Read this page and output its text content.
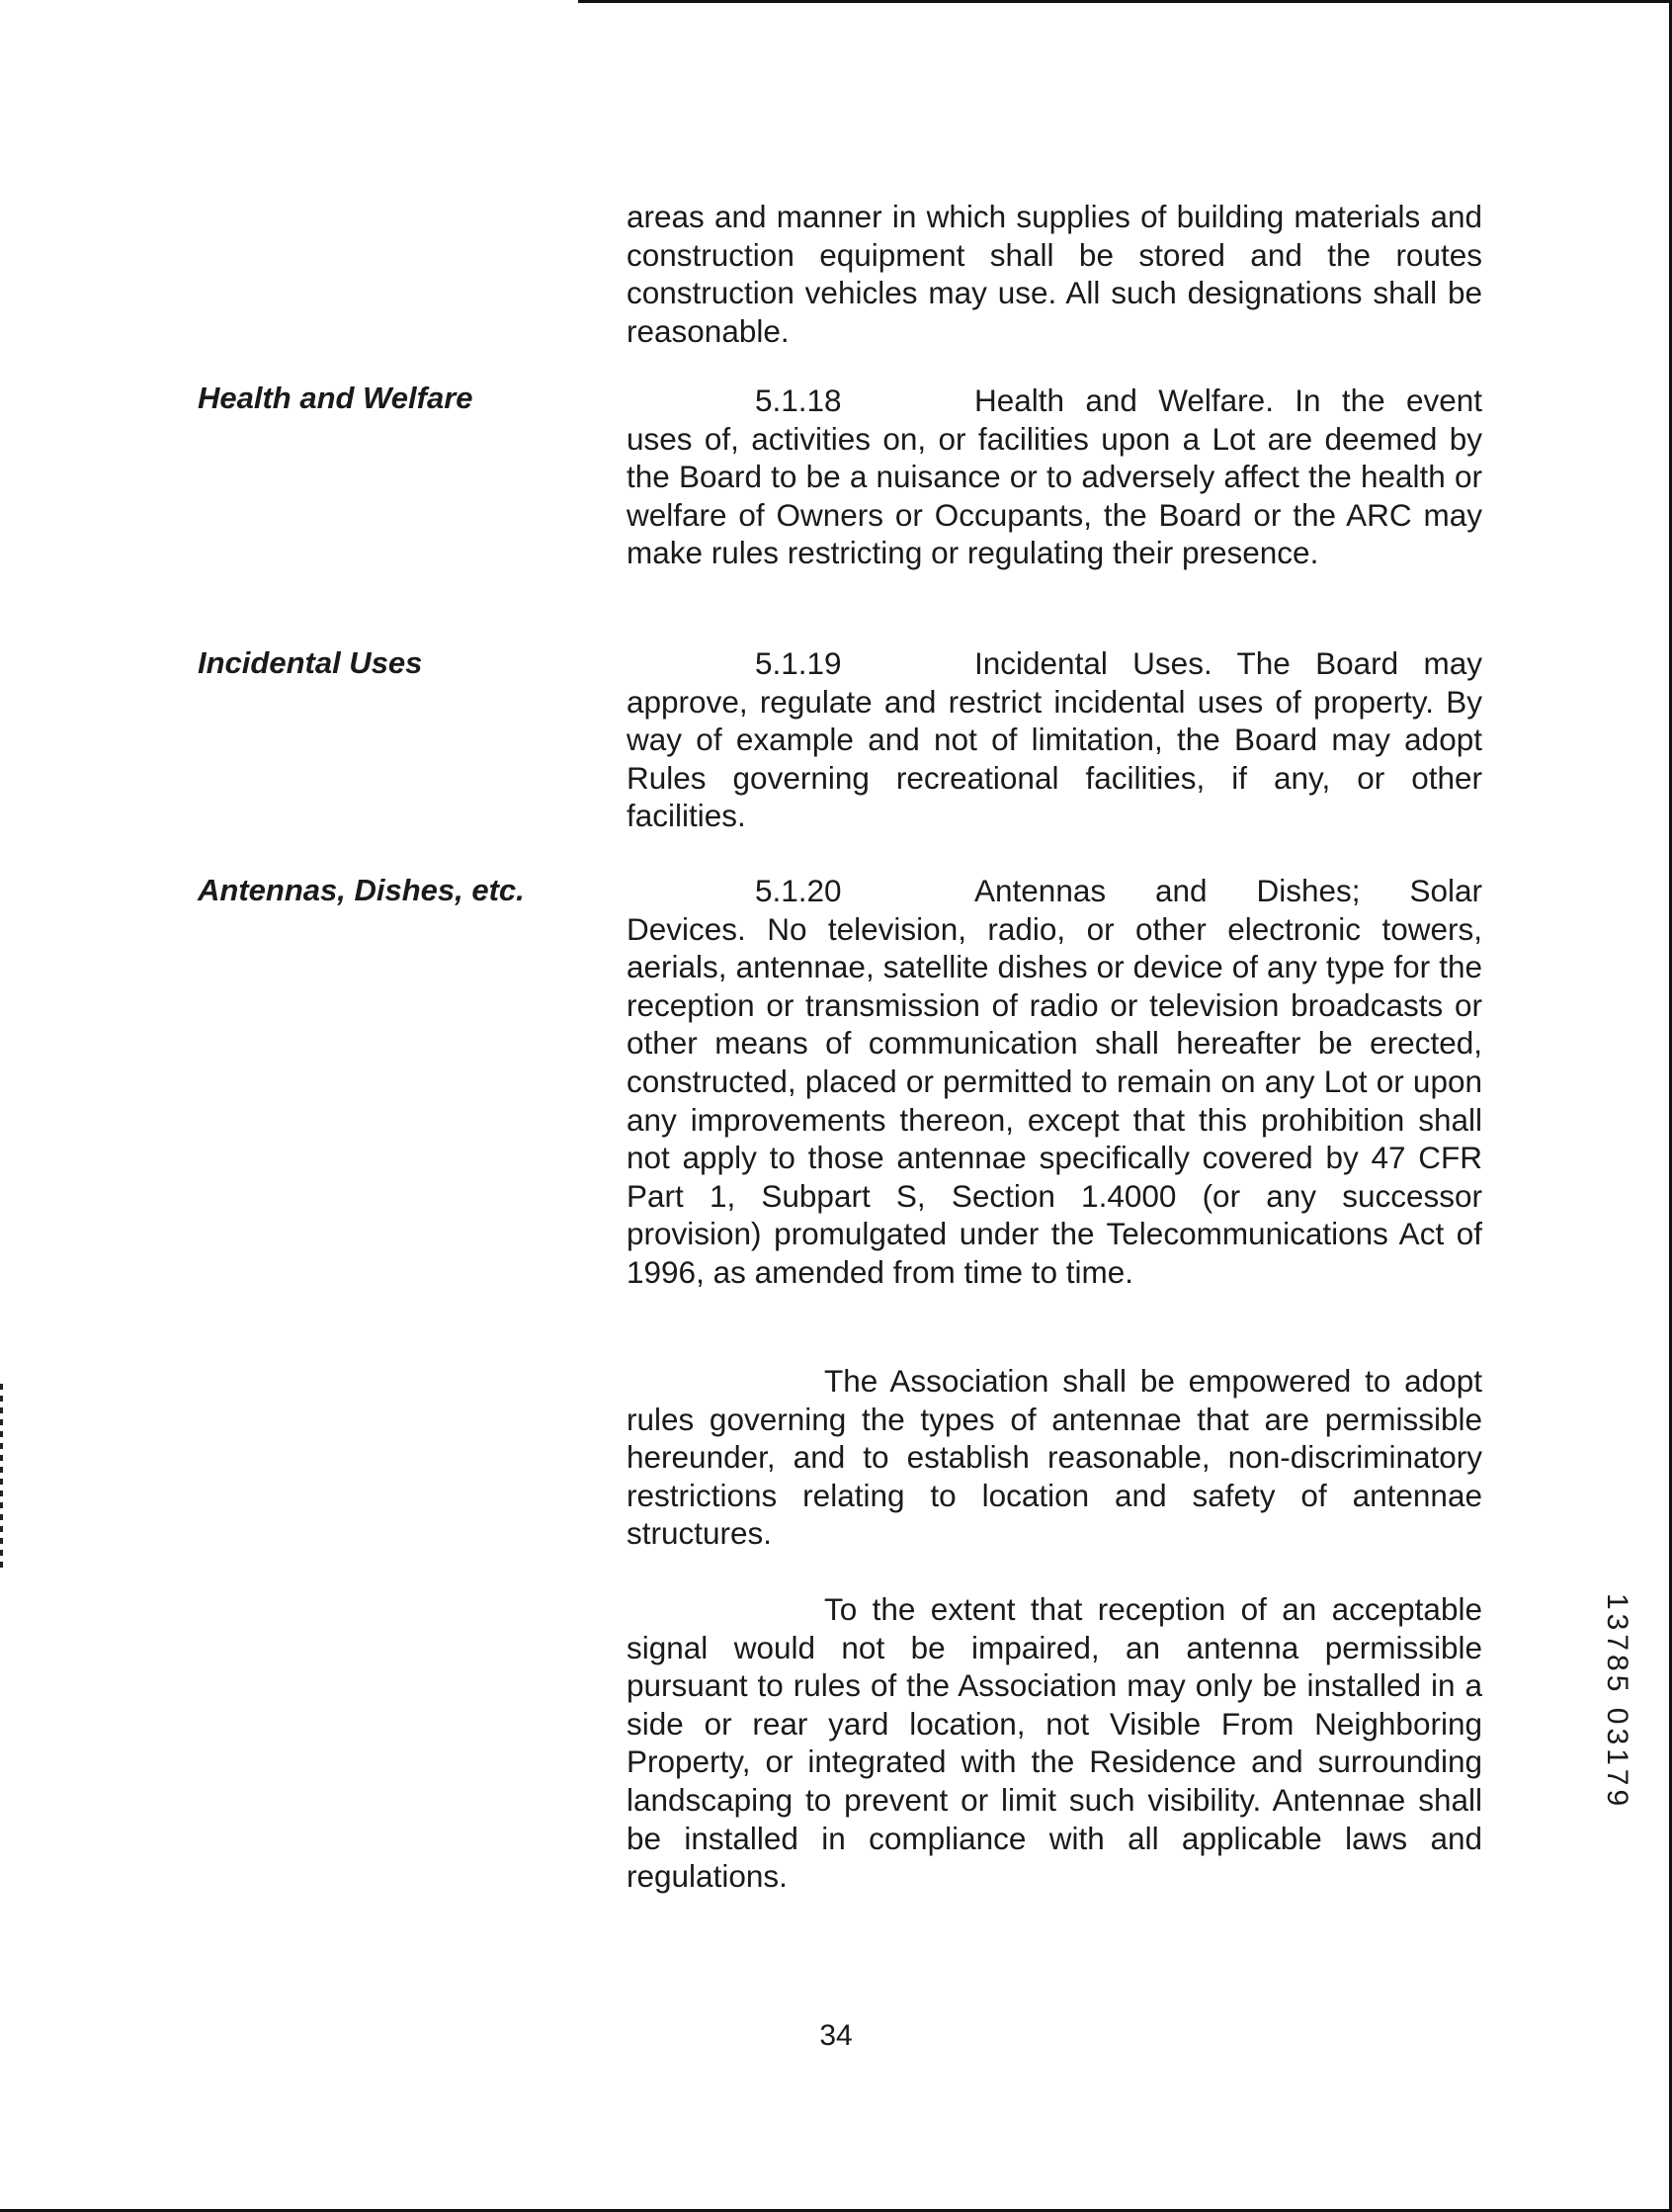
Health and Welfare
Incidental Uses
Antennas, Dishes, etc.

areas and manner in which supplies of building materials and construction equipment shall be stored and the routes construction vehicles may use. All such designations shall be reasonable.

5.1.18	Health and Welfare. In the event uses of, activities on, or facilities upon a Lot are deemed by the Board to be a nuisance or to adversely affect the health or welfare of Owners or Occupants, the Board or the ARC may make rules restricting or regulating their presence.

5.1.19	Incidental Uses. The Board may approve, regulate and restrict incidental uses of property. By way of example and not of limitation, the Board may adopt Rules governing recreational facilities, if any, or other facilities.

5.1.20	Antennas and Dishes; Solar Devices. No television, radio, or other electronic towers, aerials, antennae, satellite dishes or device of any type for the reception or transmission of radio or television broadcasts or other means of communication shall hereafter be erected, constructed, placed or permitted to remain on any Lot or upon any improvements thereon, except that this prohibition shall not apply to those antennae specifically covered by 47 CFR Part 1, Subpart S, Section 1.4000 (or any successor provision) promulgated under the Telecommunications Act of 1996, as amended from time to time.

The Association shall be empowered to adopt rules governing the types of antennae that are permissible hereunder, and to establish reasonable, non-discriminatory restrictions relating to location and safety of antennae structures.

To the extent that reception of an acceptable signal would not be impaired, an antenna permissible pursuant to rules of the Association may only be installed in a side or rear yard location, not Visible From Neighboring Property, or integrated with the Residence and surrounding landscaping to prevent or limit such visibility. Antennae shall be installed in compliance with all applicable laws and regulations.

34
13785 03179
